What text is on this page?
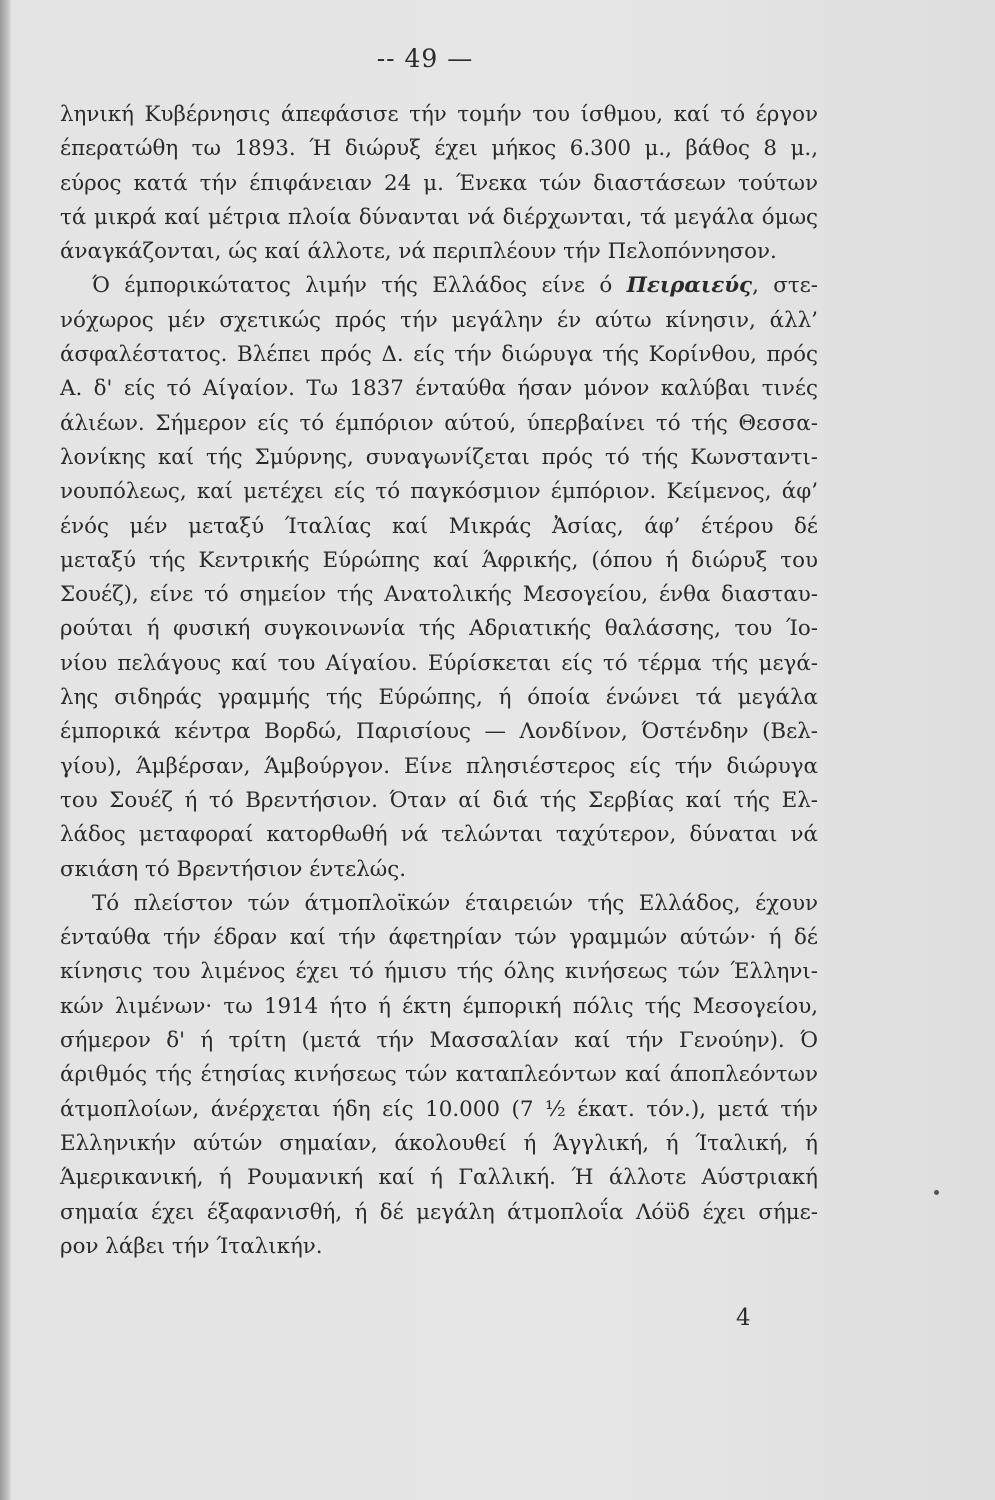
-- 49 —
ληνική Κυβέρνησις άπεφάσισε τήν τομήν του ίσθμου, καί τό έργον
έπερατώθη τω 1893. Ή διώρυξ έχει μήκος 6.300 μ., βάθος 8 μ.,
εύρος κατά τήν έπιφάνειαν 24 μ. Ένεκα τών διαστάσεων τούτων
τά μικρά καί μέτρια πλοία δύνανται νά διέρχωνται, τά μεγάλα όμως
άναγκάζονται, ώς καί άλλοτε, νά περιπλέουν τήν Πελοπόννησον.
Ό έμπορικώτατος λιμήν τής Ελλάδος είνε ό Πειραιεύς, στε-
νόχωρος μέν σχετικώς πρός τήν μεγάλην έν αύτω κίνησιν, άλλ’
άσφαλέστατος. Βλέπει πρός Δ. είς τήν διώρυγα τής Κορίνθου, πρός
Α. δ' είς τό Αίγαίον. Τω 1837 ένταύθα ήσαν μόνον καλύβαι τινές
άλιέων. Σήμερον είς τό έμπόριον αύτού, ύπερβαίνει τό τής Θεσσα-
λονίκης καί τής Σμύρνης, συναγωνίζεται πρός τό τής Κωνσταντι-
νουπόλεως, καί μετέχει είς τό παγκόσμιον έμπόριον. Κείμενος, άφ’
ένός μέν μεταξύ Ίταλίας καί Μικράς Ἀσίας, άφ’ έτέρου δέ
μεταξύ τής Κεντρικής Εύρώπης καί Άφρικής, (όπου ή διώρυξ του
Σουέζ), είνε τό σημείον τής Ανατολικής Μεσογείου, ένθα διασταυ-
ρούται ή φυσική συγκοινωνία τής Αδριατικής θαλάσσης, του Ίο-
νίου πελάγους καί του Αίγαίου. Εύρίσκεται είς τό τέρμα τής μεγά-
λης σιδηράς γραμμής τής Εύρώπης, ή όποία ένώνει τά μεγάλα
έμπορικά κέντρα Βορδώ, Παρισίους — Λονδίνον, Όστένδην (Βελ-
γίου), Άμβέρσαν, Άμβούργον. Είνε πλησιέστερος είς τήν διώρυγα
του Σουέζ ή τό Βρεντήσιον. Όταν αί διά τής Σερβίας καί τής Ελ-
λάδος μεταφοραί κατορθωθή νά τελώνται ταχύτερον, δύναται νά
σκιάση τό Βρεντήσιον έντελώς.
Τό πλείστον τών άτμοπλοϊκών έταιρειών τής Ελλάδος, έχουν
ένταύθα τήν έδραν καί τήν άφετηρίαν τών γραμμών αύτών· ή δέ
κίνησις του λιμένος έχει τό ήμισυ τής όλης κινήσεως τών Έλληνι-
κών λιμένων· τω 1914 ήτο ή έκτη έμπορική πόλις τής Μεσογείου,
σήμερον δ' ή τρίτη (μετά τήν Μασσαλίαν καί τήν Γενούην). Ό
άριθμός τής έτησίας κινήσεως τών καταπλεόντων καί άποπλεόντων
άτμοπλοίων, άνέρχεται ήδη είς 10.000 (7 ½ έκατ. τόν.), μετά τήν
Ελληνικήν αύτών σημαίαν, άκολουθεί ή Άγγλική, ή Ίταλική, ή
Άμερικανική, ή Ρουμανική καί ή Γαλλική. Ή άλλοτε Αύστριακή
σημαία έχει έξαφανισθή, ή δέ μεγάλη άτμοπλοΐα Λόϋδ έχει σήμε-
ρον λάβει τήν Ίταλικήν.
4
